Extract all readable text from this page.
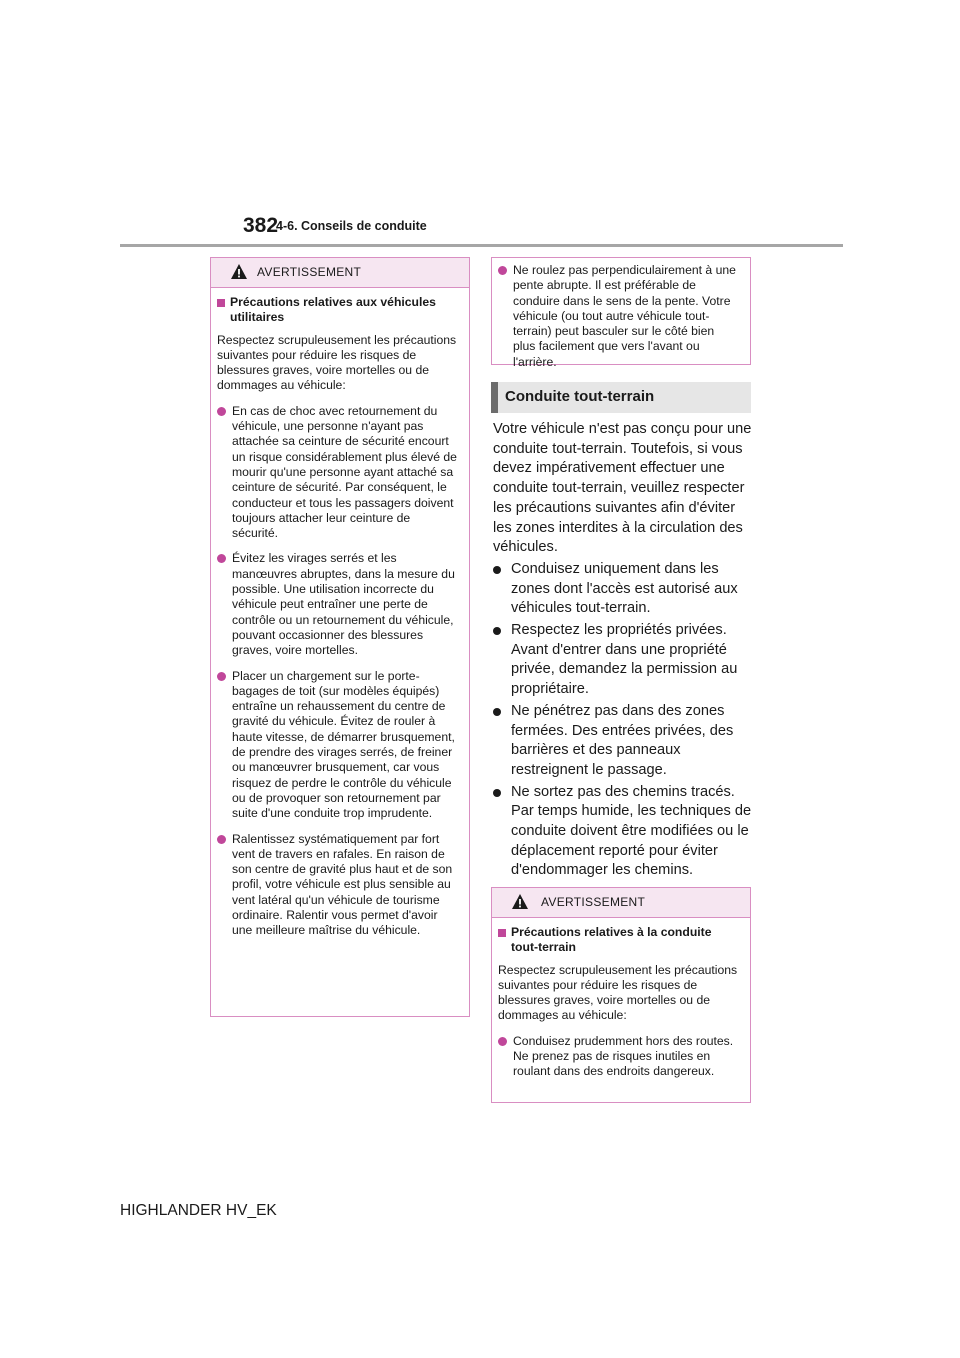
382
4-6. Conseils de conduite
AVERTISSEMENT
Précautions relatives aux véhicules utilitaires
Respectez scrupuleusement les précautions suivantes pour réduire les risques de blessures graves, voire mortelles ou de dommages au véhicule:
En cas de choc avec retournement du véhicule, une personne n'ayant pas attachée sa ceinture de sécurité encourt un risque considérablement plus élevé de mourir qu'une personne ayant attaché sa ceinture de sécurité. Par conséquent, le conducteur et tous les passagers doivent toujours attacher leur ceinture de sécurité.
Évitez les virages serrés et les manœuvres abruptes, dans la mesure du possible. Une utilisation incorrecte du véhicule peut entraîner une perte de contrôle ou un retournement du véhicule, pouvant occasionner des blessures graves, voire mortelles.
Placer un chargement sur le porte-bagages de toit (sur modèles équipés) entraîne un rehaussement du centre de gravité du véhicule. Évitez de rouler à haute vitesse, de démarrer brusquement, de prendre des virages serrés, de freiner ou manœuvrer brusquement, car vous risquez de perdre le contrôle du véhicule ou de provoquer son retournement par suite d'une conduite trop imprudente.
Ralentissez systématiquement par fort vent de travers en rafales. En raison de son centre de gravité plus haut et de son profil, votre véhicule est plus sensible au vent latéral qu'un véhicule de tourisme ordinaire. Ralentir vous permet d'avoir une meilleure maîtrise du véhicule.
Ne roulez pas perpendiculairement à une pente abrupte. Il est préférable de conduire dans le sens de la pente. Votre véhicule (ou tout autre véhicule tout-terrain) peut basculer sur le côté bien plus facilement que vers l'avant ou l'arrière.
Conduite tout-terrain

Votre véhicule n'est pas conçu pour une conduite tout-terrain. Toutefois, si vous devez impérativement effectuer une conduite tout-terrain, veuillez respecter les précautions suivantes afin d'éviter les zones interdites à la circulation des véhicules.

Conduisez uniquement dans les zones dont l'accès est autorisé aux véhicules tout-terrain.
Respectez les propriétés privées. Avant d'entrer dans une propriété privée, demandez la permission au propriétaire.
Ne pénétrez pas dans des zones fermées. Des entrées privées, des barrières et des panneaux restreignent le passage.
Ne sortez pas des chemins tracés. Par temps humide, les techniques de conduite doivent être modifiées ou le déplacement reporté pour éviter d'endommager les chemins.
AVERTISSEMENT
Précautions relatives à la conduite tout-terrain
Respectez scrupuleusement les précautions suivantes pour réduire les risques de blessures graves, voire mortelles ou de dommages au véhicule:
Conduisez prudemment hors des routes. Ne prenez pas de risques inutiles en roulant dans des endroits dangereux.
HIGHLANDER HV_EK
